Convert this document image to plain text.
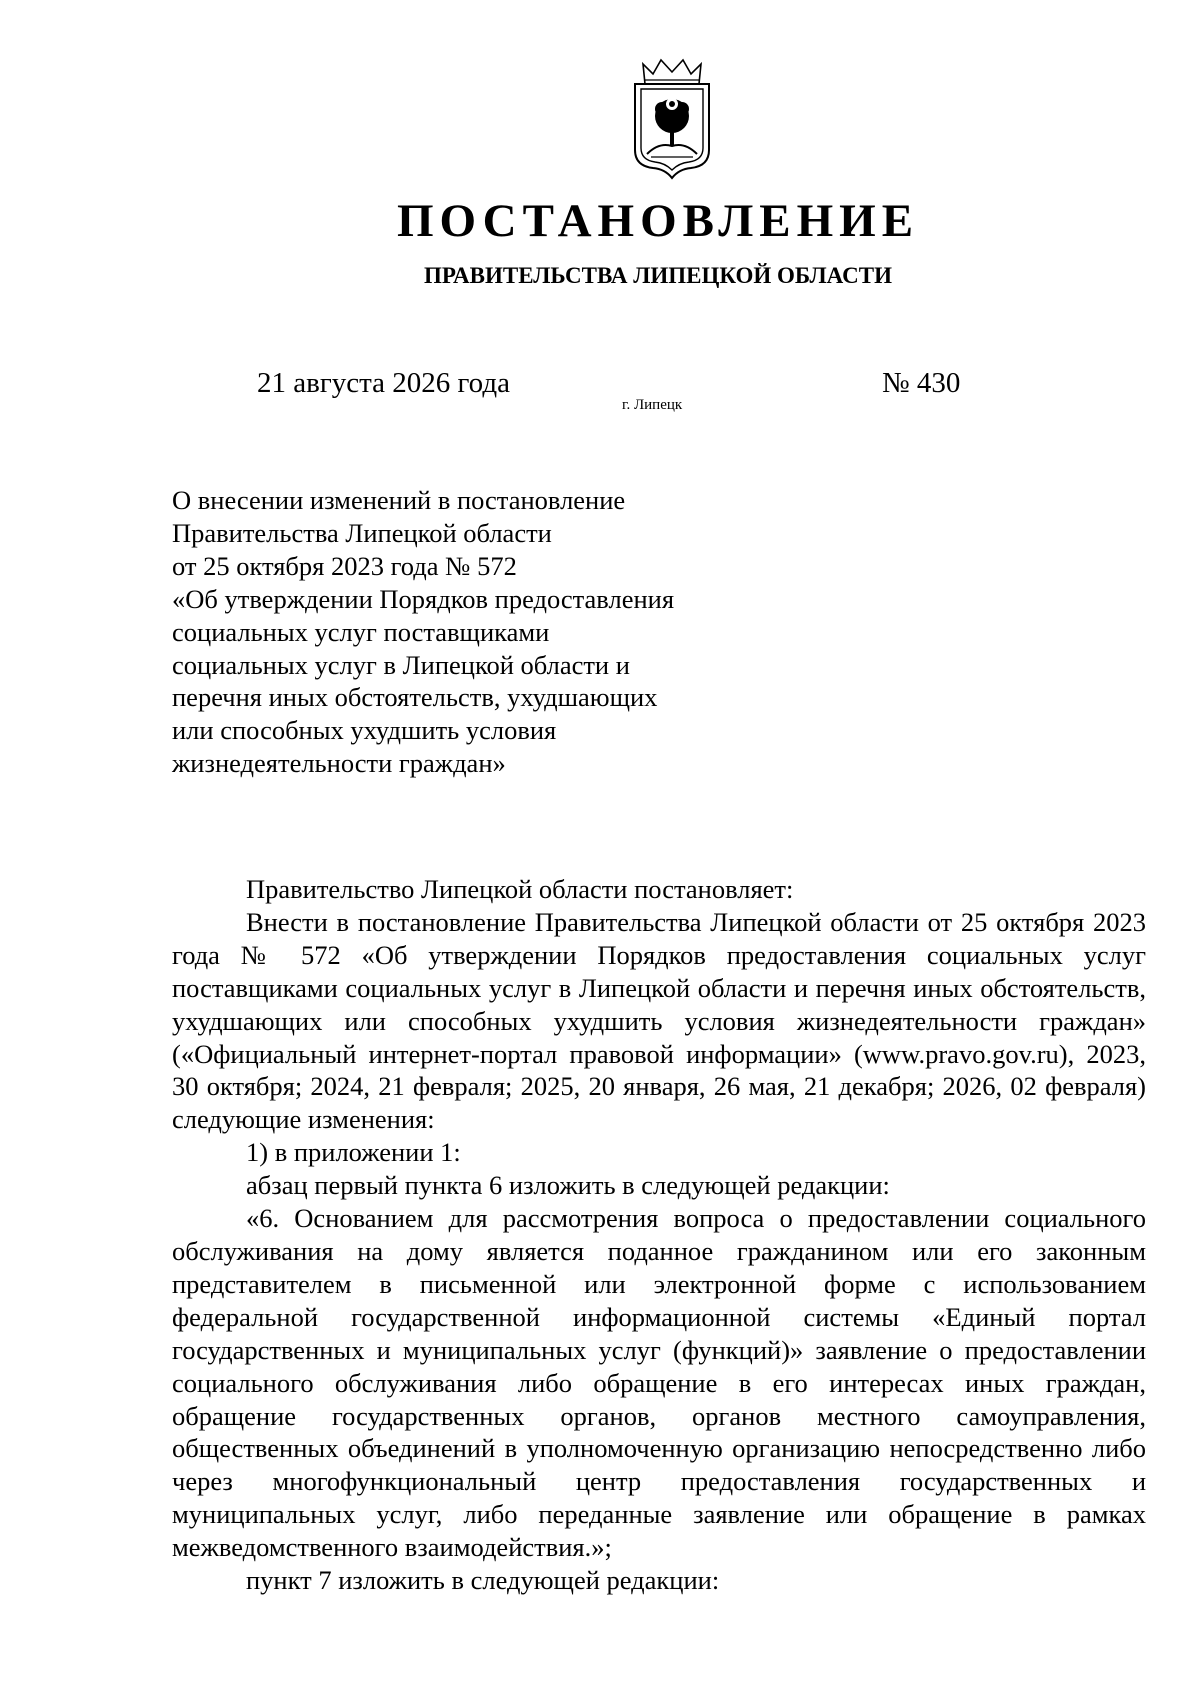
ПОСТАНОВЛЕНИЕ
ПРАВИТЕЛЬСТВА ЛИПЕЦКОЙ ОБЛАСТИ
21 августа 2026 года
г. Липецк
№ 430
О внесении изменений в постановление
Правительства Липецкой области
от 25 октября 2023 года № 572
«Об утверждении Порядков предоставления
социальных услуг поставщиками
социальных услуг в Липецкой области и
перечня иных обстоятельств, ухудшающих
или способных ухудшить условия
жизнедеятельности граждан»

Правительство Липецкой области постановляет:

Внести в постановление Правительства Липецкой области от 25 октября 2023 года № 572 «Об утверждении Порядков предоставления социальных услуг поставщиками социальных услуг в Липецкой области и перечня иных обстоятельств, ухудшающих или способных ухудшить условия жизнедеятельности граждан» («Официальный интернет-портал правовой информации» (www.pravo.gov.ru), 2023, 30 октября; 2024, 21 февраля; 2025, 20 января, 26 мая, 21 декабря; 2026, 02 февраля) следующие изменения:

1) в приложении 1:

абзац первый пункта 6 изложить в следующей редакции:

«6. Основанием для рассмотрения вопроса о предоставлении социального обслуживания на дому является поданное гражданином или его законным представителем в письменной или электронной форме с использованием федеральной государственной информационной системы «Единый портал государственных и муниципальных услуг (функций)» заявление о предоставлении социального обслуживания либо обращение в его интересах иных граждан, обращение государственных органов, органов местного самоуправления, общественных объединений в уполномоченную организацию непосредственно либо через многофункциональный центр предоставления государственных и муниципальных услуг, либо переданные заявление или обращение в рамках межведомственного взаимодействия.»;

пункт 7 изложить в следующей редакции:
